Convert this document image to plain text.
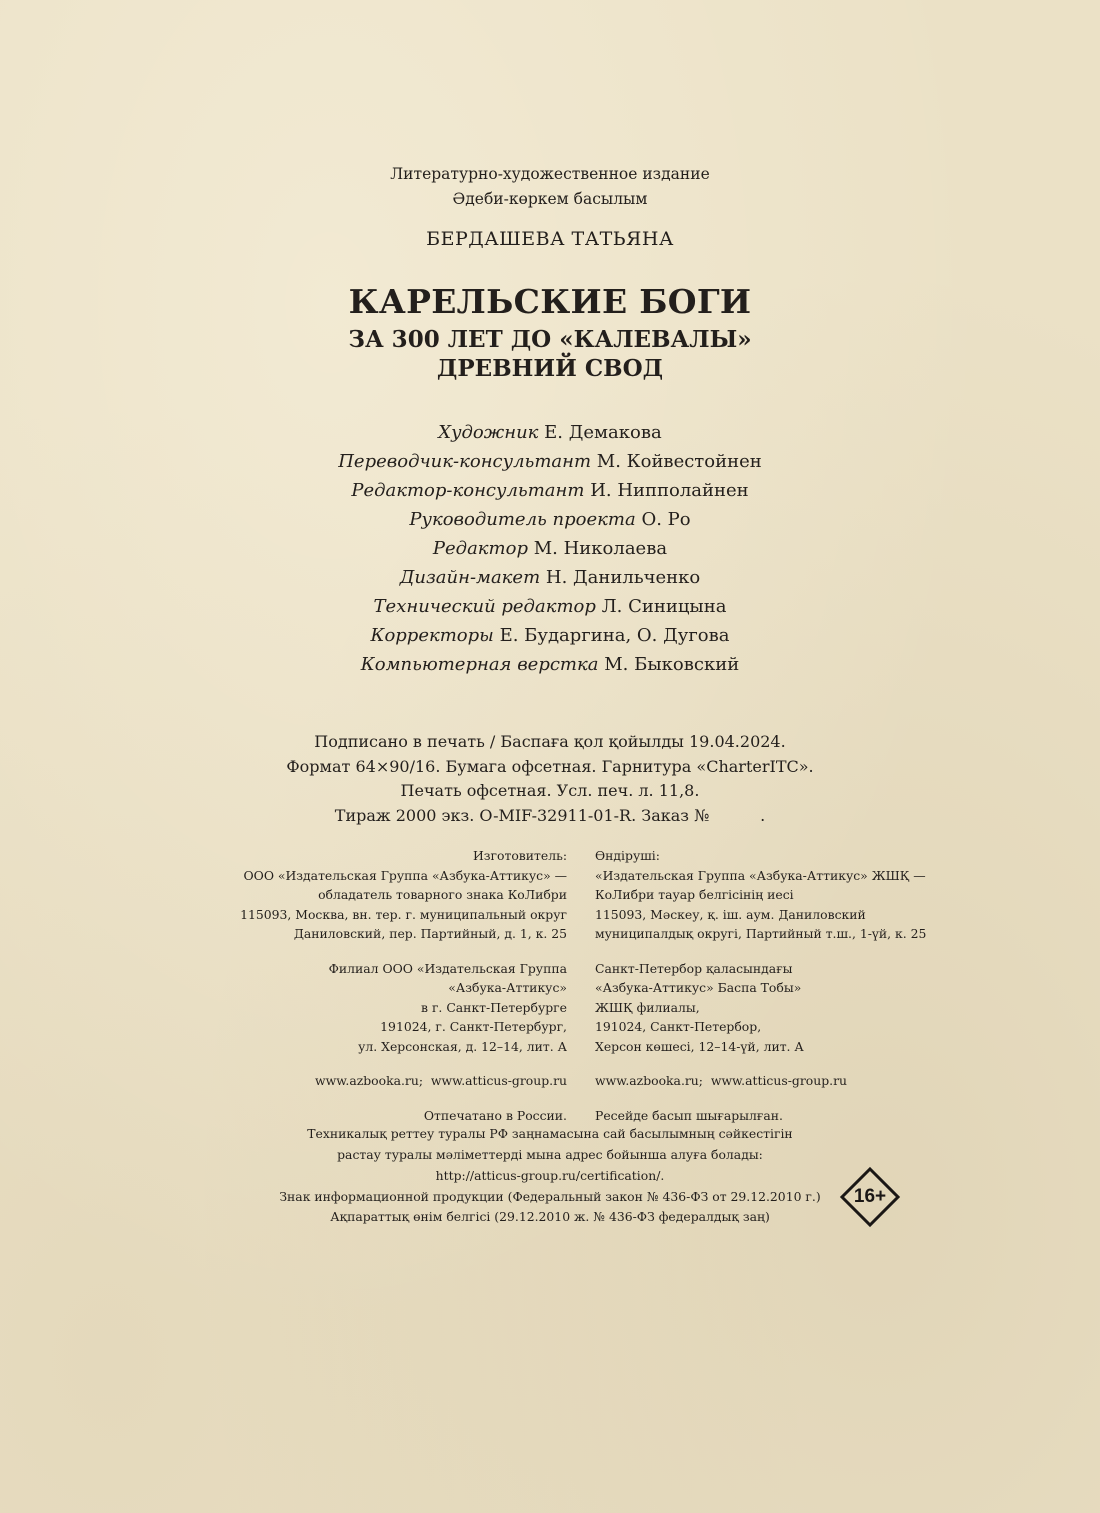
Литературно-художественное издание
Әдеби-көркем басылым
БЕРДАШЕВА ТАТЬЯНА
КАРЕЛЬСКИЕ БОГИ
ЗА 300 ЛЕТ ДО «КАЛЕВАЛЫ»
ДРЕВНИЙ СВОД
Художник Е. Демакова
Переводчик-консультант М. Койвестойнен
Редактор-консультант И. Нипполайнен
Руководитель проекта О. Ро
Редактор М. Николаева
Дизайн-макет Н. Данильченко
Технический редактор Л. Синицына
Корректоры Е. Бударгина, О. Дугова
Компьютерная верстка М. Быковский
Подписано в печать / Баспаға қол қойылды 19.04.2024.
Формат 64×90/16. Бумага офсетная. Гарнитура «CharterITC».
Печать офсетная. Усл. печ. л. 11,8.
Тираж 2000 экз. O-MIF-32911-01-R. Заказ №          .
Изготовитель:
ООО «Издательская Группа «Азбука-Аттикус» —
обладатель товарного знака КоЛибри
115093, Москва, вн. тер. г. муниципальный округ
Даниловский, пер. Партийный, д. 1, к. 25
Филиал ООО «Издательская Группа
«Азбука-Аттикус»
в г. Санкт-Петербурге
191024, г. Санкт-Петербург,
ул. Херсонская, д. 12–14, лит. А
www.azbooka.ru;  www.atticus-group.ru
Отпечатано в России.
Өндіруші:
«Издательская Группа «Азбука-Аттикус» ЖШҚ —
КоЛибри тауар белгісінің иесі
115093, Мәскеу, қ. іш. аум. Даниловский
муниципалдық округі, Партийный т.ш., 1-үй, к. 25
Санкт-Петербор қаласындағы
«Азбука-Аттикус» Баспа Тобы»
ЖШҚ филиалы,
191024, Санкт-Петербор,
Херсон көшесі, 12–14-үй, лит. А
www.azbooka.ru;  www.atticus-group.ru
Ресейде басып шығарылған.
Техникалық реттеу туралы РФ заңнамасына сай басылымның сәйкестігін
растау туралы мәліметтерді мына адрес бойынша алуға болады:
http://atticus-group.ru/certification/.
Знак информационной продукции (Федеральный закон № 436-ФЗ от 29.12.2010 г.)
Ақпараттық өнім белгісі (29.12.2010 ж. № 436-ФЗ федералдық заң)
16+
